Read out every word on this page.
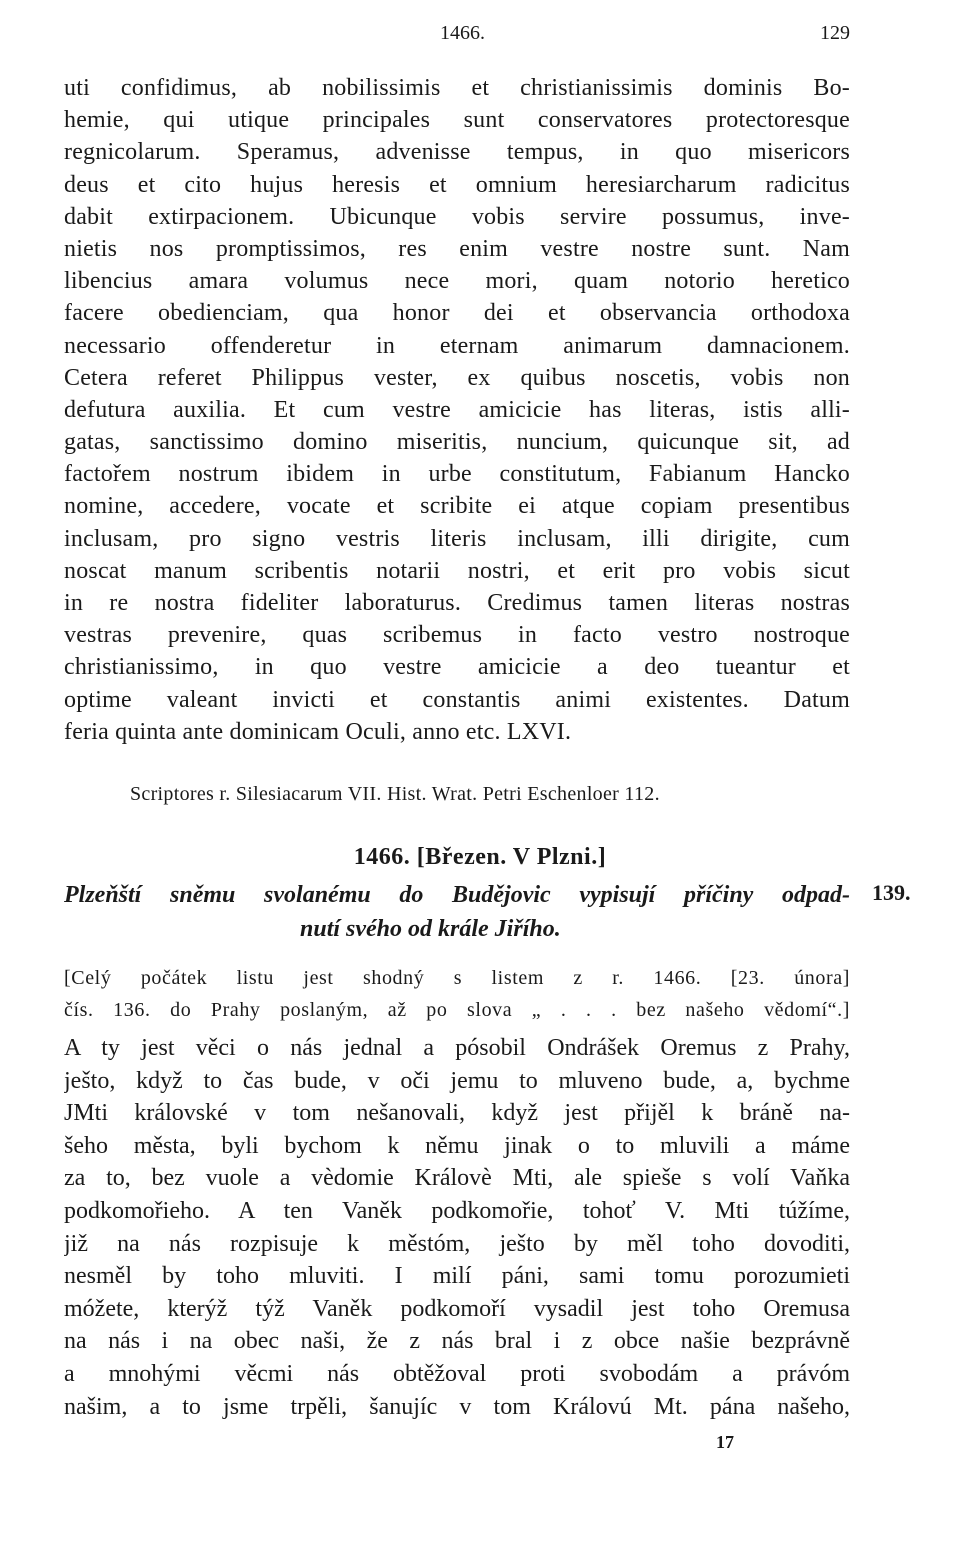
1466.	129
uti confidimus, ab nobilissimis et christianissimis dominis Bo-
hemie, qui utique principales sunt conservatores protectoresque
regnicolarum. Speramus, advenisse tempus, in quo misericors
deus et cito hujus heresis et omnium heresiarcharum radicitus
dabit extirpacionem. Ubicunque vobis servire possumus, inve-
nietis nos promptissimos, res enim vestre nostre sunt. Nam
libencius amara volumus nece mori, quam notorio heretico
facere obedienciam, qua honor dei et observancia orthodoxa
necessario offenderetur in eternam animarum damnacionem.
Cetera referet Philippus vester, ex quibus noscetis, vobis non
defutura auxilia. Et cum vestre amicicie has literas, istis alli-
gatas, sanctissimo domino miseritis, nuncium, quicunque sit, ad
factořem nostrum ibidem in urbe constitutum, Fabianum Hancko
nomine, accedere, vocate et scribite ei atque copiam presentibus
inclusam, pro signo vestris literis inclusam, illi dirigite, cum
noscat manum scribentis notarii nostri, et erit pro vobis sicut
in re nostra fideliter laboraturus. Credimus tamen literas nostras
vestras prevenire, quas scribemus in facto vestro nostroque
christianissimo, in quo vestre amicicie a deo tueantur et
optime valeant invicti et constantis animi existentes. Datum
feria quinta ante dominicam Oculi, anno etc. LXVI.
Scriptores r. Silesiacarum VII. Hist. Wrat. Petri Eschenloer 112.
1466. [Březen. V Plzni.]
139.
Plzeňští sněmu svolanému do Budějovic vypisují příčiny odpad-
nutí svého od krále Jiřího.
[Celý počátek listu jest shodný s listem z r. 1466. [23. února]
čís. 136. do Prahy poslaným, až po slova „ . . . bez našeho vědomí“.]
A ty jest věci o nás jednal a pósobil Ondrášek Oremus z Prahy,
ješto, když to čas bude, v oči jemu to mluveno bude, a, bychme
JMti královské v tom nešanovali, když jest přijěl k bráně na-
šeho města, byli bychom k němu jinak o to mluvili a máme
za to, bez vuole a vèdomie Královè Mti, ale spieše s volí Vaňka
podkomořieho. A ten Vaněk podkomořie, tohoť V. Mti túžíme,
již na nás rozpisuje k městóm, ješto by měl toho dovoditi,
nesměl by toho mluviti. I milí páni, sami tomu porozumieti
móžete, kterýž týž Vaněk podkomoří vysadil jest toho Oremusa
na nás i na obec naši, že z nás bral i z obce našie bezprávně
a mnohými věcmi nás obtěžoval proti svobodám a právóm
našim, a to jsme trpěli, šanujíc v tom Královú Mt. pána našeho,
17
